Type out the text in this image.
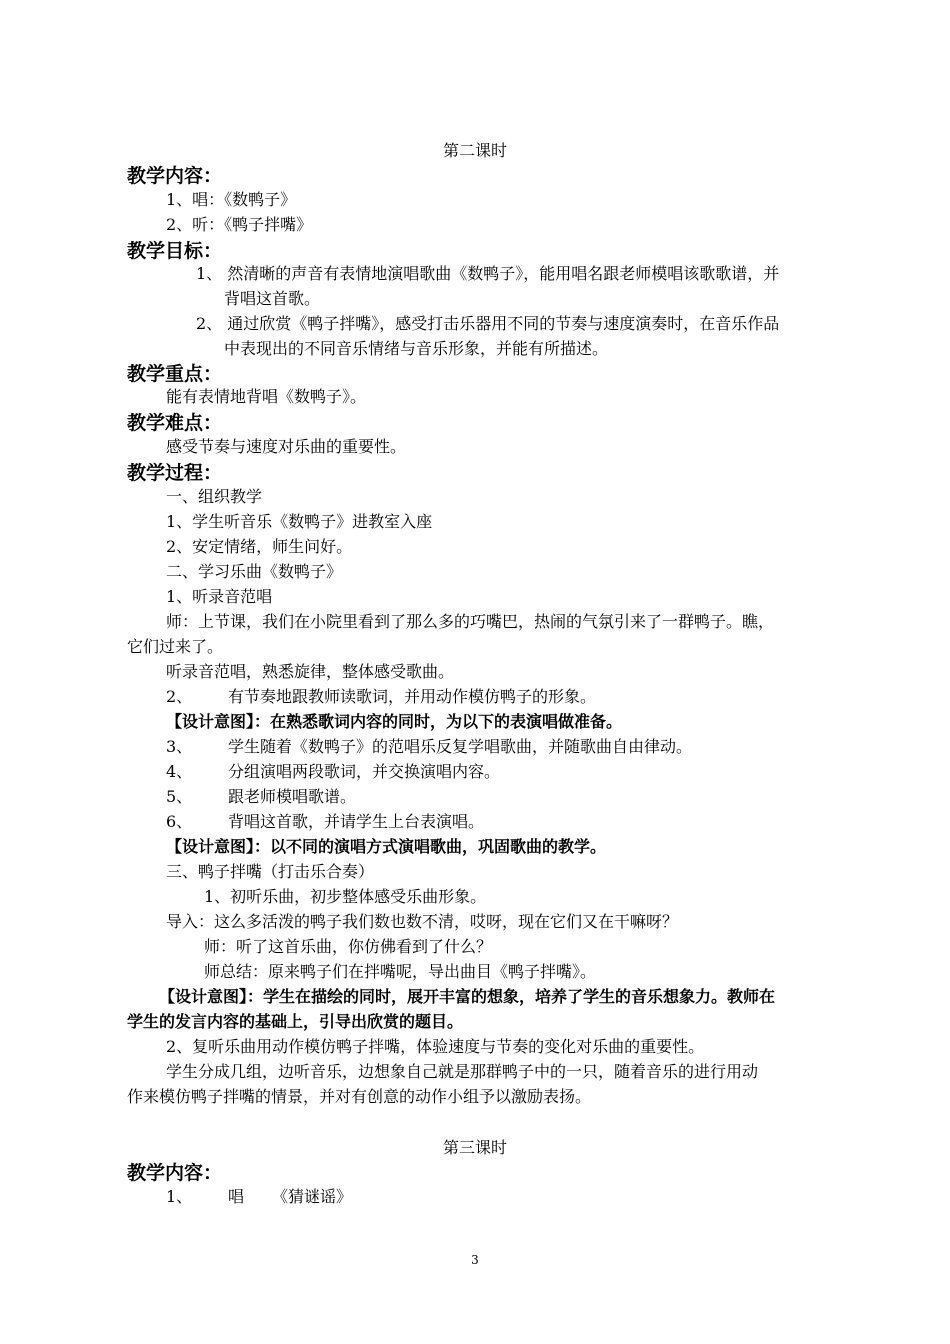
第二课时
教学内容：
1、唱：《数鸭子》
2、听：《鸭子拌嘴》
教学目标：
1、 然清晰的声音有表情地演唱歌曲《数鸭子》，能用唱名跟老师模唱该歌歌谱，并
背唱这首歌。
2、 通过欣赏《鸭子拌嘴》，感受打击乐器用不同的节奏与速度演奏时，在音乐作品
中表现出的不同音乐情绪与音乐形象，并能有所描述。
教学重点：
能有表情地背唱《数鸭子》。
教学难点：
感受节奏与速度对乐曲的重要性。
教学过程：
一、组织教学
1、学生听音乐《数鸭子》进教室入座
2、安定情绪，师生问好。
二、学习乐曲《数鸭子》
1、听录音范唱
师：上节课，我们在小院里看到了那么多的巧嘴巴，热闹的气氛引来了一群鸭子。瞧，
它们过来了。
听录音范唱，熟悉旋律，整体感受歌曲。
2、 有节奏地跟教师读歌词，并用动作模仿鸭子的形象。
【设计意图】：在熟悉歌词内容的同时，为以下的表演唱做准备。
3、 学生随着《数鸭子》的范唱乐反复学唱歌曲，并随歌曲自由律动。
4、 分组演唱两段歌词，并交换演唱内容。
5、 跟老师模唱歌谱。
6、 背唱这首歌，并请学生上台表演唱。
【设计意图】：以不同的演唱方式演唱歌曲，巩固歌曲的教学。
三、鸭子拌嘴（打击乐合奏）
1、初听乐曲，初步整体感受乐曲形象。
导入：这么多活泼的鸭子我们数也数不清，哎呀，现在它们又在干嘛呀？
师：听了这首乐曲，你仿佛看到了什么？
师总结：原来鸭子们在拌嘴呢，导出曲目《鸭子拌嘴》。
【设计意图】：学生在描绘的同时，展开丰富的想象，培养了学生的音乐想象力。教师在
学生的发言内容的基础上，引导出欣赏的题目。
2、复听乐曲用动作模仿鸭子拌嘴，体验速度与节奏的变化对乐曲的重要性。
学生分成几组，边听音乐，边想象自己就是那群鸭子中的一只，随着音乐的进行用动
作来模仿鸭子拌嘴的情景，并对有创意的动作小组予以激励表扬。
第三课时
教学内容：
1、 唱 《猜谜谣》
3
